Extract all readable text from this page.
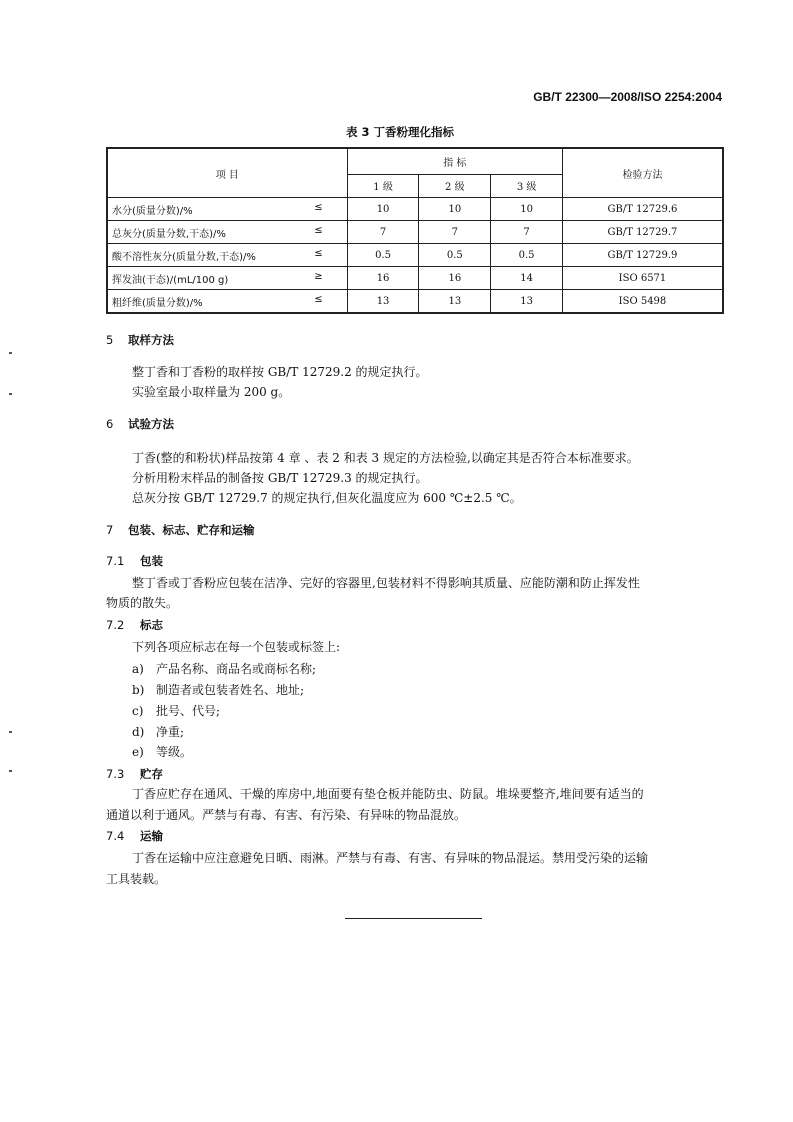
GB/T 22300—2008/ISO 2254:2004
表 3 丁香粉理化指标
项 目	指 标			检验方法
	1 级	2 级	3 级	

水分(质量分数)/% ≤	10	10	10	GB/T 12729.6

总灰分(质量分数,干态)/% ≤	7	7	7	GB/T 12729.7

酸不溶性灰分(质量分数,干态)/% ≤	0.5	0.5	0.5	GB/T 12729.9

挥发油(干态)/(mL/100 g) ≥	16	16	14	ISO 6571

粗纤维(质量分数)/% ≤	13	13	13	ISO 5498
5 取样方法
整丁香和丁香粉的取样按 GB/T 12729.2 的规定执行。
实验室最小取样量为 200 g。
6 试验方法
丁香(整的和粉状)样品按第 4 章 、表 2 和表 3 规定的方法检验,以确定其是否符合本标准要求。
分析用粉末样品的制备按 GB/T 12729.3 的规定执行。
总灰分按 GB/T 12729.7 的规定执行,但灰化温度应为 600 ℃±2.5 ℃。
7 包装、标志、贮存和运输
7.1 包装
整丁香或丁香粉应包装在洁净、完好的容器里,包装材料不得影响其质量、应能防潮和防止挥发性
物质的散失。
7.2 标志
下列各项应标志在每一个包装或标签上:
a) 产品名称、商品名或商标名称;
b) 制造者或包装者姓名、地址;
c) 批号、代号;
d) 净重;
e) 等级。
7.3 贮存
丁香应贮存在通风、干燥的库房中,地面要有垫仓板并能防虫、防鼠。堆垛要整齐,堆间要有适当的
通道以利于通风。严禁与有毒、有害、有污染、有异味的物品混放。
7.4 运输
丁香在运输中应注意避免日晒、雨淋。严禁与有毒、有害、有异味的物品混运。禁用受污染的运输
工具装载。
